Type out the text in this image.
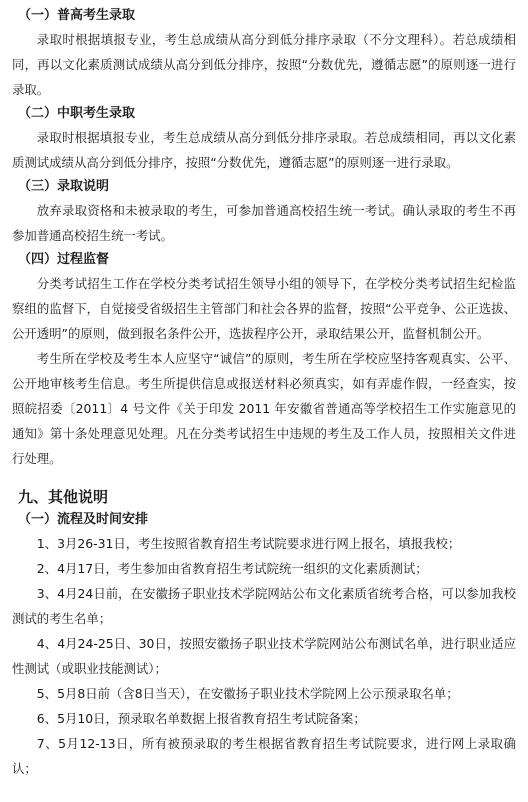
（一）普高考生录取

录取时根据填报专业，考生总成绩从高分到低分排序录取（不分文理科）。若总成绩相同，再以文化素质测试成绩从高分到低分排序，按照“分数优先，遵循志愿”的原则逐一进行录取。

（二）中职考生录取

录取时根据填报专业，考生总成绩从高分到低分排序录取。若总成绩相同，再以文化素质测试成绩从高分到低分排序，按照“分数优先，遵循志愿”的原则逐一进行录取。

（三）录取说明

放弃录取资格和未被录取的考生，可参加普通高校招生统一考试。确认录取的考生不再参加普通高校招生统一考试。

（四）过程监督

分类考试招生工作在学校分类考试招生领导小组的领导下，在学校分类考试招生纪检监察组的监督下，自觉接受省级招生主管部门和社会各界的监督，按照“公平竞争、公正选拔、公开透明”的原则，做到报名条件公开，选拔程序公开，录取结果公开，监督机制公开。

考生所在学校及考生本人应坚守“诚信”的原则，考生所在学校应坚持客观真实、公平、公开地审核考生信息。考生所提供信息或报送材料必须真实，如有弄虚作假，一经查实，按照皖招委〔2011〕4 号文件《关于印发 2011 年安徽省普通高等学校招生工作实施意见的通知》第十条处理意见处理。凡在分类考试招生中违规的考生及工作人员，按照相关文件进行处理。

九、其他说明
（一）流程及时间安排

1、3月26-31日，考生按照省教育招生考试院要求进行网上报名，填报我校；

2、4月17日，考生参加由省教育招生考试院统一组织的文化素质测试；

3、4月24日前，在安徽扬子职业技术学院网站公布文化素质省统考合格，可以参加我校测试的考生名单；

4、4月24-25日、30日，按照安徽扬子职业技术学院网站公布测试名单，进行职业适应性测试（或职业技能测试）；

5、5月8日前（含8日当天），在安徽扬子职业技术学院网上公示预录取名单；

6、5月10日，预录取名单数据上报省教育招生考试院备案；

7、5月12-13日，所有被预录取的考生根据省教育招生考试院要求，进行网上录取确认；
